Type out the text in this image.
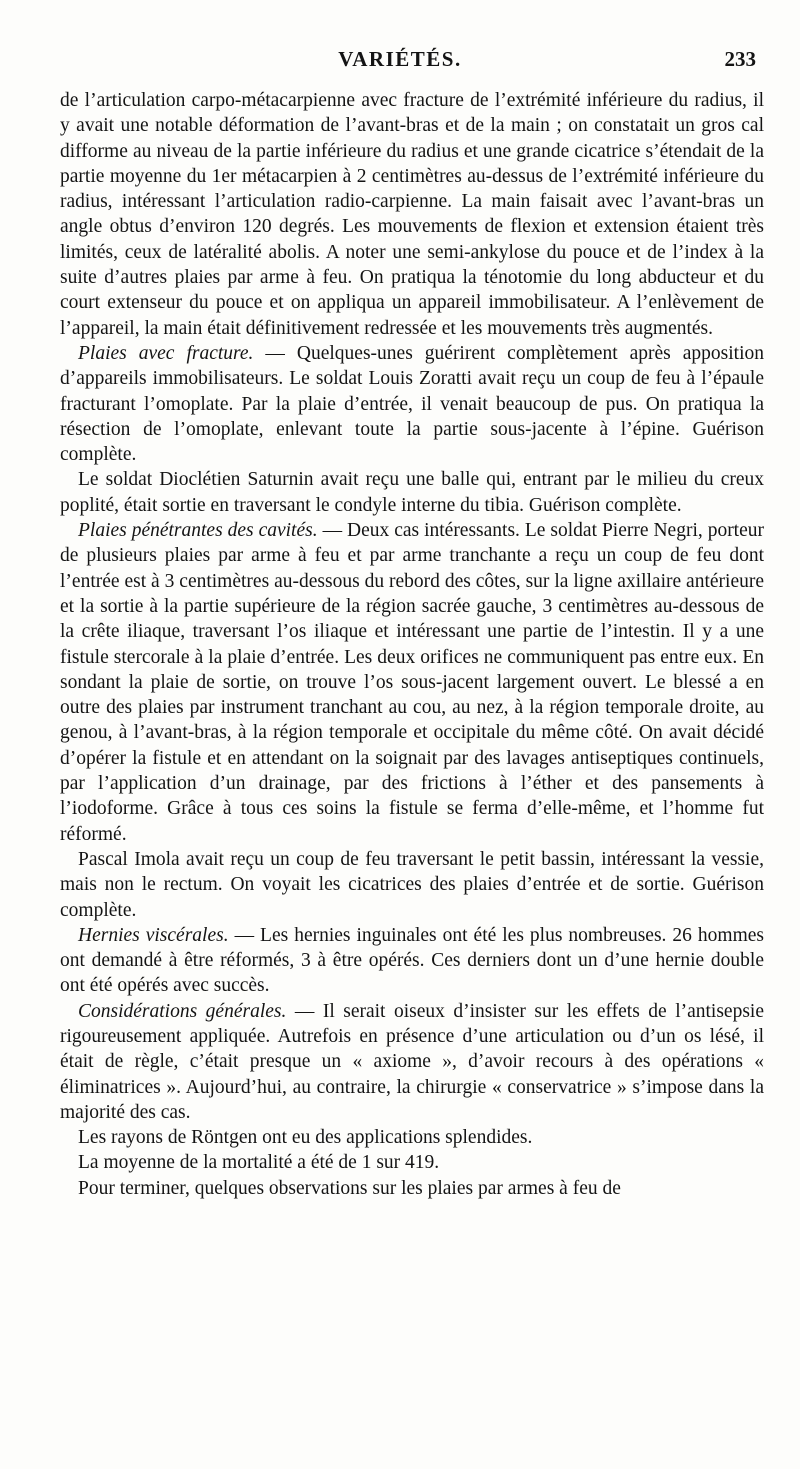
VARIÉTÉS.	233

de l’articulation carpo-métacarpienne avec fracture de l’extrémité inférieure du radius, il y avait une notable déformation de l’avant-bras et de la main ; on constatait un gros cal difforme au niveau de la partie inférieure du radius et une grande cicatrice s’étendait de la partie moyenne du 1er métacarpien à 2 centimètres au-dessus de l’extrémité inférieure du radius, intéressant l’articulation radio-carpienne. La main faisait avec l’avant-bras un angle obtus d’environ 120 degrés. Les mouvements de flexion et extension étaient très limités, ceux de latéralité abolis. A noter une semi-ankylose du pouce et de l’index à la suite d’autres plaies par arme à feu. On pratiqua la ténotomie du long abducteur et du court extenseur du pouce et on appliqua un appareil immobilisateur. A l’enlèvement de l’appareil, la main était définitivement redressée et les mouvements très augmentés.

Plaies avec fracture. — Quelques-unes guérirent complètement après apposition d’appareils immobilisateurs. Le soldat Louis Zoratti avait reçu un coup de feu à l’épaule fracturant l’omoplate. Par la plaie d’entrée, il venait beaucoup de pus. On pratiqua la résection de l’omoplate, enlevant toute la partie sous-jacente à l’épine. Guérison complète.

Le soldat Dioclétien Saturnin avait reçu une balle qui, entrant par le milieu du creux poplité, était sortie en traversant le condyle interne du tibia. Guérison complète.

Plaies pénétrantes des cavités. — Deux cas intéressants. Le soldat Pierre Negri, porteur de plusieurs plaies par arme à feu et par arme tranchante a reçu un coup de feu dont l’entrée est à 3 centimètres au-dessous du rebord des côtes, sur la ligne axillaire antérieure et la sortie à la partie supérieure de la région sacrée gauche, 3 centimètres au-dessous de la crête iliaque, traversant l’os iliaque et intéressant une partie de l’intestin. Il y a une fistule stercorale à la plaie d’entrée. Les deux orifices ne communiquent pas entre eux. En sondant la plaie de sortie, on trouve l’os sous-jacent largement ouvert. Le blessé a en outre des plaies par instrument tranchant au cou, au nez, à la région temporale droite, au genou, à l’avant-bras, à la région temporale et occipitale du même côté. On avait décidé d’opérer la fistule et en attendant on la soignait par des lavages antiseptiques continuels, par l’application d’un drainage, par des frictions à l’éther et des pansements à l’iodoforme. Grâce à tous ces soins la fistule se ferma d’elle-même, et l’homme fut réformé.

Pascal Imola avait reçu un coup de feu traversant le petit bassin, intéressant la vessie, mais non le rectum. On voyait les cicatrices des plaies d’entrée et de sortie. Guérison complète.

Hernies viscérales. — Les hernies inguinales ont été les plus nombreuses. 26 hommes ont demandé à être réformés, 3 à être opérés. Ces derniers dont un d’une hernie double ont été opérés avec succès.

Considérations générales. — Il serait oiseux d’insister sur les effets de l’antisepsie rigoureusement appliquée. Autrefois en présence d’une articulation ou d’un os lésé, il était de règle, c’était presque un « axiome », d’avoir recours à des opérations « éliminatrices ». Aujourd’hui, au contraire, la chirurgie « conservatrice » s’impose dans la majorité des cas.

Les rayons de Röntgen ont eu des applications splendides.

La moyenne de la mortalité a été de 1 sur 419.

Pour terminer, quelques observations sur les plaies par armes à feu de
